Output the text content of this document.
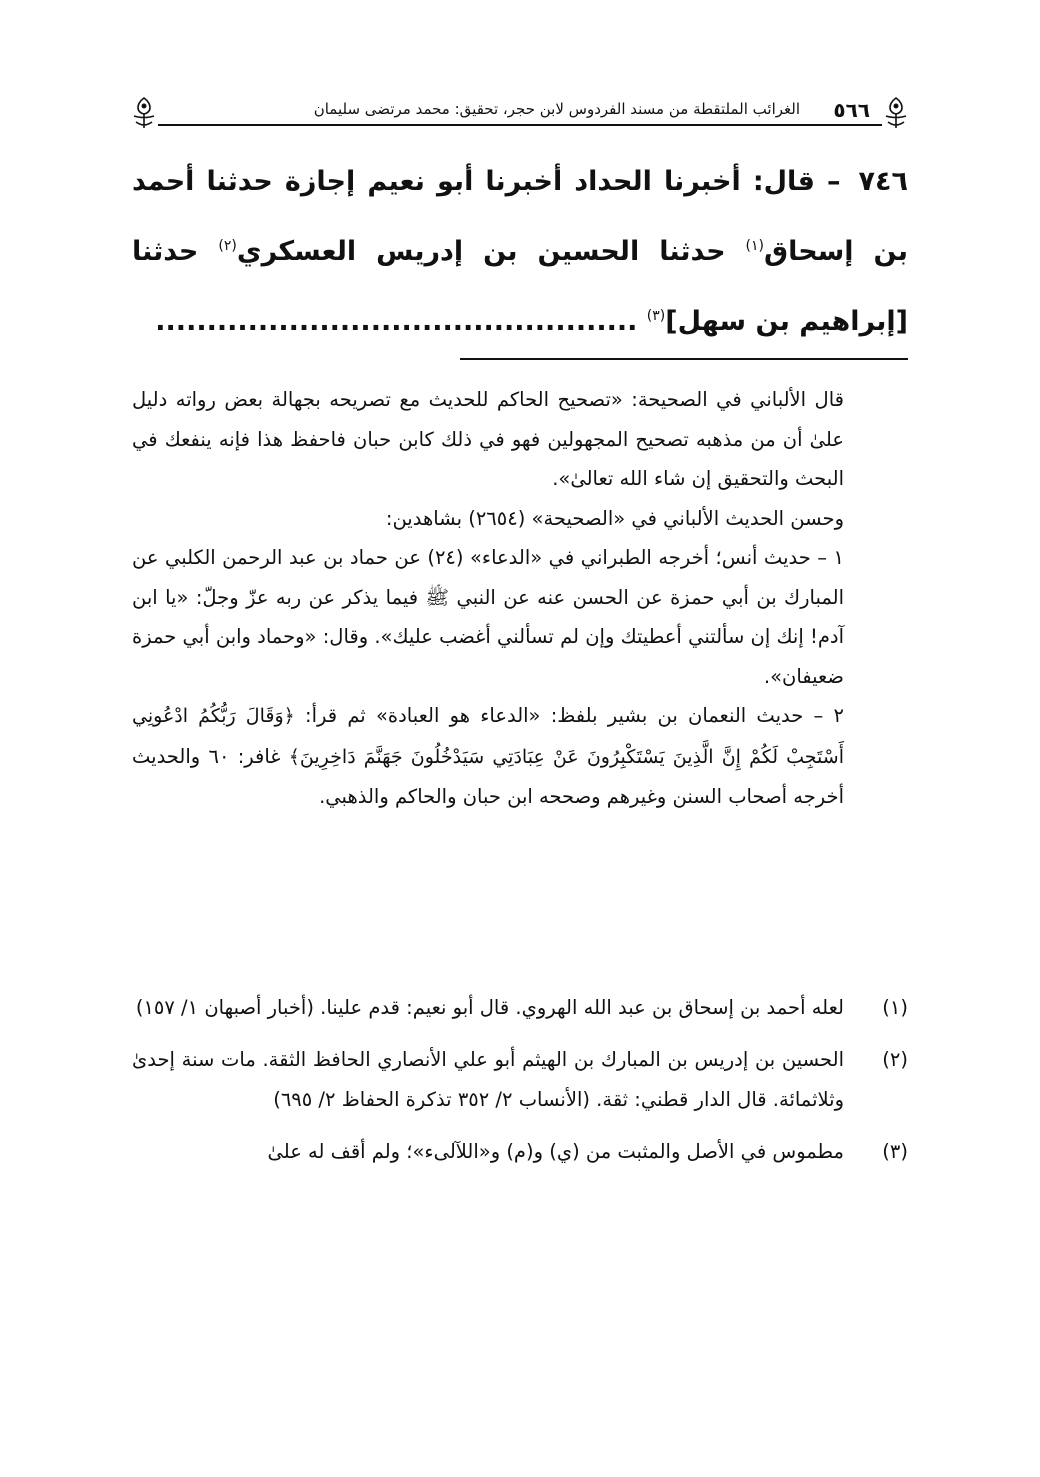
٥٦٦
الغرائب الملتقطة من مسند الفردوس لابن حجر، تحقيق: محمد مرتضى سليمان
٧٤٦ – قال: أخبرنا الحداد أخبرنا أبو نعيم إجازة حدثنا أحمد بن إسحاق$^{(١)}$ حدثنا الحسين بن إدريس العسكري$^{(٢)}$ حدثنا [إبراهيم بن سهل]$^{(٣)}$ ...............................................

قال الألباني في الصحيحة: «تصحيح الحاكم للحديث مع تصريحه بجهالة بعض رواته دليل علىٰ أن من مذهبه تصحيح المجهولين فهو في ذلك كابن حبان فاحفظ هذا فإنه ينفعك في البحث والتحقيق إن شاء الله تعالىٰ».

وحسن الحديث الألباني في «الصحيحة» (٢٦٥٤) بشاهدين:

١ – حديث أنس؛ أخرجه الطبراني في «الدعاء» (٢٤) عن حماد بن عبد الرحمن الكلبي عن المبارك بن أبي حمزة عن الحسن عنه عن النبي ﷺ فيما يذكر عن ربه عزّ وجلّ: «يا ابن آدم! إنك إن سألتني أعطيتك وإن لم تسألني أغضب عليك». وقال: «وحماد وابن أبي حمزة ضعيفان».

٢ – حديث النعمان بن بشير بلفظ: «الدعاء هو العبادة» ثم قرأ: ﴿وَقَالَ رَبُّكُمُ ادْعُونِي أَسْتَجِبْ لَكُمْ إِنَّ الَّذِينَ يَسْتَكْبِرُونَ عَنْ عِبَادَتِي سَيَدْخُلُونَ جَهَنَّمَ دَاخِرِينَ﴾ غافر: ٦٠ والحديث أخرجه أصحاب السنن وغيرهم وصححه ابن حبان والحاكم والذهبي.

(١)
لعله أحمد بن إسحاق بن عبد الله الهروي. قال أبو نعيم: قدم علينا. (أخبار أصبهان ١/ ١٥٧)
(٢)
الحسين بن إدريس بن المبارك بن الهيثم أبو علي الأنصاري الحافظ الثقة. مات سنة إحدىٰ وثلاثمائة. قال الدار قطني: ثقة. (الأنساب ٢/ ٣٥٢ تذكرة الحفاظ ٢/ ٦٩٥)
(٣)
مطموس في الأصل والمثبت من (ي) و(م) و«اللآلىء»؛ ولم أقف له علىٰ
